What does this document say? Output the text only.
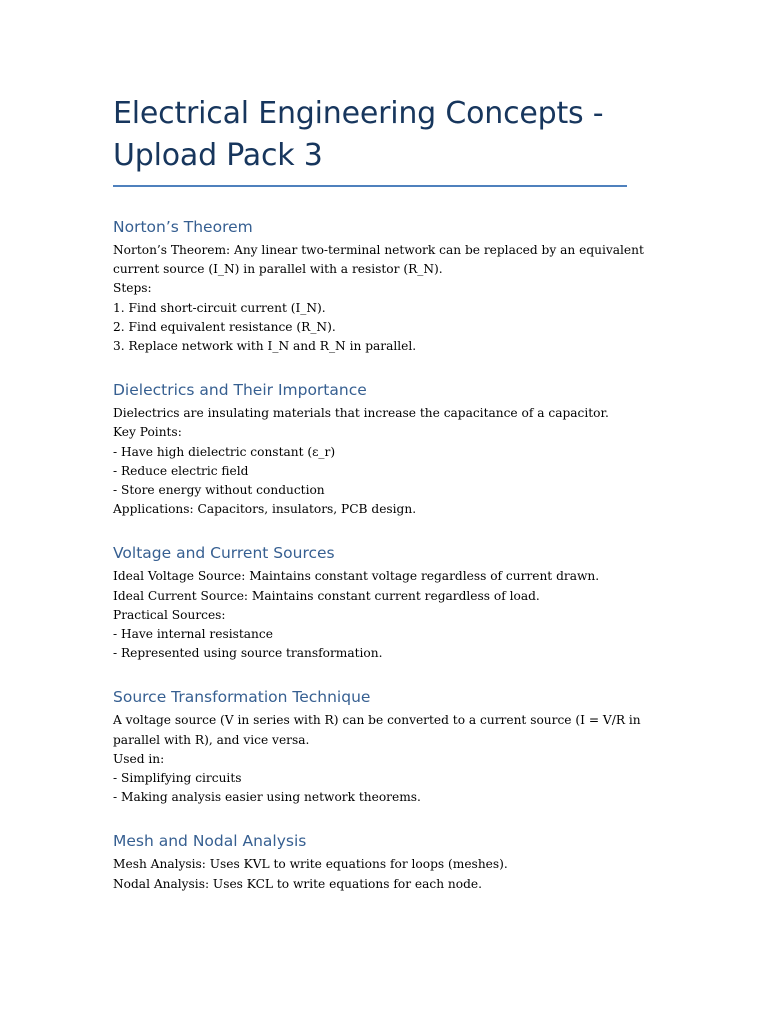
Electrical Engineering Concepts -
Upload Pack 3
Norton’s Theorem
Norton’s Theorem: Any linear two-terminal network can be replaced by an equivalent
current source (I_N) in parallel with a resistor (R_N).
Steps:
1. Find short-circuit current (I_N).
2. Find equivalent resistance (R_N).
3. Replace network with I_N and R_N in parallel.
Dielectrics and Their Importance
Dielectrics are insulating materials that increase the capacitance of a capacitor.
Key Points:
- Have high dielectric constant (ε_r)
- Reduce electric field
- Store energy without conduction
Applications: Capacitors, insulators, PCB design.
Voltage and Current Sources
Ideal Voltage Source: Maintains constant voltage regardless of current drawn.
Ideal Current Source: Maintains constant current regardless of load.
Practical Sources:
- Have internal resistance
- Represented using source transformation.
Source Transformation Technique
A voltage source (V in series with R) can be converted to a current source (I = V/R in
parallel with R), and vice versa.
Used in:
- Simplifying circuits
- Making analysis easier using network theorems.
Mesh and Nodal Analysis
Mesh Analysis: Uses KVL to write equations for loops (meshes).
Nodal Analysis: Uses KCL to write equations for each node.
